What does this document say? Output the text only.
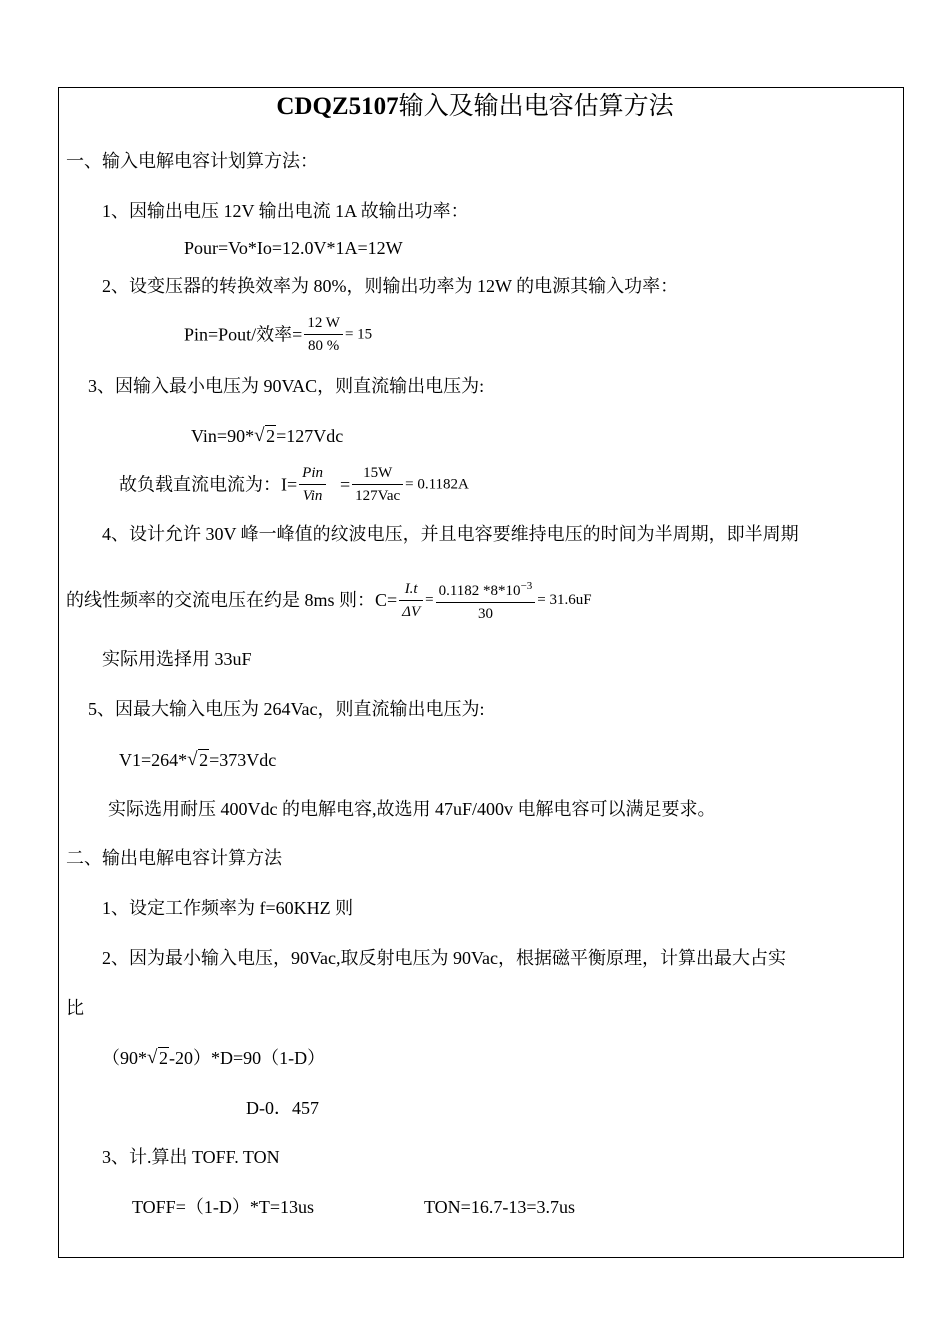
CDQZ5107输入及输出电容估算方法
一、输入电解电容计划算方法：
1、因输出电压 12V 输出电流 1A 故输出功率：
Pour=Vo*Io=12.0V*1A=12W
2、设变压器的转换效率为 80%，则输出功率为 12W 的电源其输入功率：
Pin=Pout/效率= $\frac{12 W}{80 \%} = 15$
3、因输入最小电压为 90VAC，则直流输出电压为:
Vin=90* √ 2=127Vdc
故负载直流电流为：$I= \frac{\text{Pin}}{\text{Vin}} = \frac{15W}{\text{127Vac}} = 0.1182A$
4、设计允许 30V 峰一峰值的纹波电压，并且电容要维持电压的时间为半周期，即半周期
的线性频率的交流电压在约是 8ms 则：$C= \frac{I.t}{\Delta V} = \frac{0.1182 *8*10^{-3}}{30} = 31.6uF$
实际用选择用 33uF
5、因最大输入电压为 264Vac，则直流输出电压为:
V1=264* √ 2=373Vdc
实际选用耐压 400Vdc 的电解电容,故选用 47uF/400v 电解电容可以满足要求。
二、输出电解电容计算方法
1、设定工作频率为 f=60KHZ 则
2、因为最小输入电压，90Vac,取反射电压为 90Vac，根据磁平衡原理，计算出最大占实
比
（90* √ 2-20）*D=90（1-D）
D-0．457
3、计.算出 TOFF. TON
TOFF=（1-D）*T=13us	TON=16.7-13=3.7us
